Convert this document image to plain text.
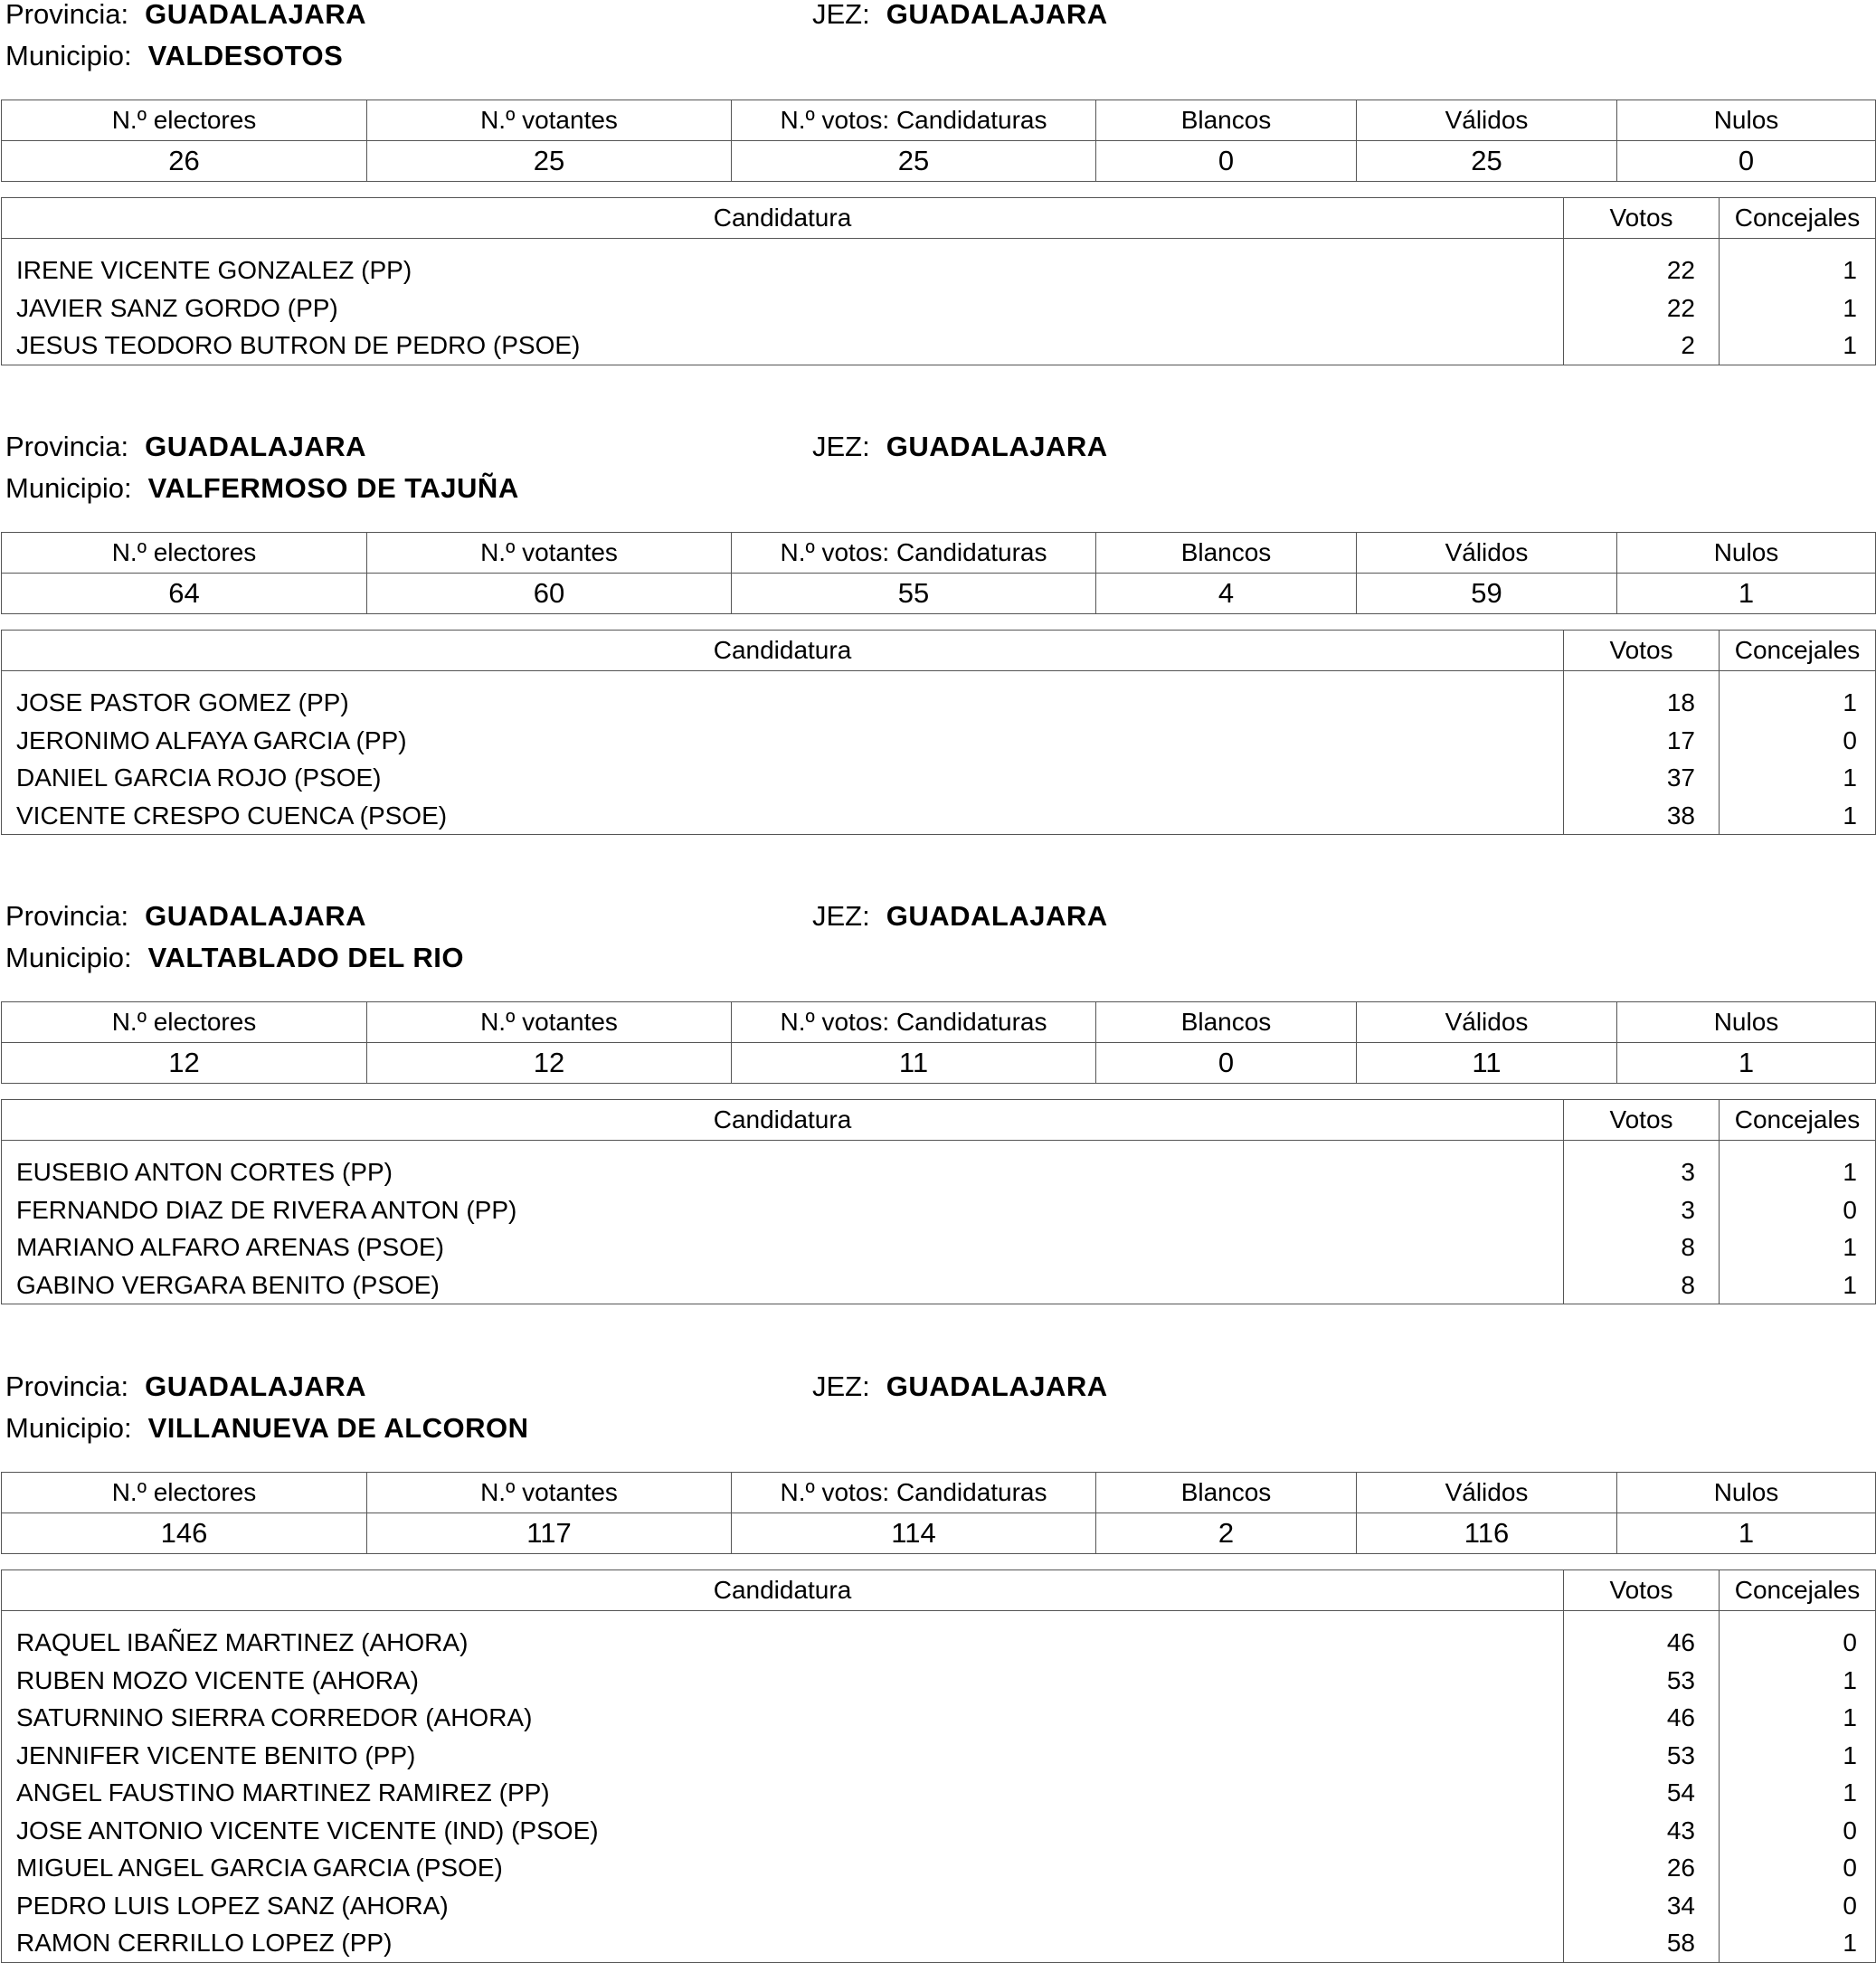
Provincia: GUADALAJARA	JEZ: GUADALAJARA
Municipio: VALDESOTOS
N.º electores	N.º votantes	N.º votos: Candidaturas	Blancos	Válidos	Nulos
26	25	25	0	25	0
Candidatura	Votos	Concejales
IRENE VICENTE GONZALEZ (PP)	22	1
JAVIER SANZ GORDO (PP)	22	1
JESUS TEODORO BUTRON DE PEDRO (PSOE)	2	1
Provincia: GUADALAJARA	JEZ: GUADALAJARA
Municipio: VALFERMOSO DE TAJUÑA
N.º electores	N.º votantes	N.º votos: Candidaturas	Blancos	Válidos	Nulos
64	60	55	4	59	1
Candidatura	Votos	Concejales
JOSE PASTOR GOMEZ (PP)	18	1
JERONIMO ALFAYA GARCIA (PP)	17	0
DANIEL GARCIA ROJO (PSOE)	37	1
VICENTE CRESPO CUENCA (PSOE)	38	1
Provincia: GUADALAJARA	JEZ: GUADALAJARA
Municipio: VALTABLADO DEL RIO
N.º electores	N.º votantes	N.º votos: Candidaturas	Blancos	Válidos	Nulos
12	12	11	0	11	1
Candidatura	Votos	Concejales
EUSEBIO ANTON CORTES (PP)	3	1
FERNANDO DIAZ DE RIVERA ANTON (PP)	3	0
MARIANO ALFARO ARENAS (PSOE)	8	1
GABINO VERGARA BENITO (PSOE)	8	1
Provincia: GUADALAJARA	JEZ: GUADALAJARA
Municipio: VILLANUEVA DE ALCORON
N.º electores	N.º votantes	N.º votos: Candidaturas	Blancos	Válidos	Nulos
146	117	114	2	116	1
Candidatura	Votos	Concejales
RAQUEL IBAÑEZ MARTINEZ (AHORA)	46	0
RUBEN MOZO VICENTE (AHORA)	53	1
SATURNINO SIERRA CORREDOR (AHORA)	46	1
JENNIFER VICENTE BENITO (PP)	53	1
ANGEL FAUSTINO MARTINEZ RAMIREZ (PP)	54	1
JOSE ANTONIO VICENTE VICENTE (IND) (PSOE)	43	0
MIGUEL ANGEL GARCIA GARCIA (PSOE)	26	0
PEDRO LUIS LOPEZ SANZ (AHORA)	34	0
RAMON CERRILLO LOPEZ (PP)	58	1
